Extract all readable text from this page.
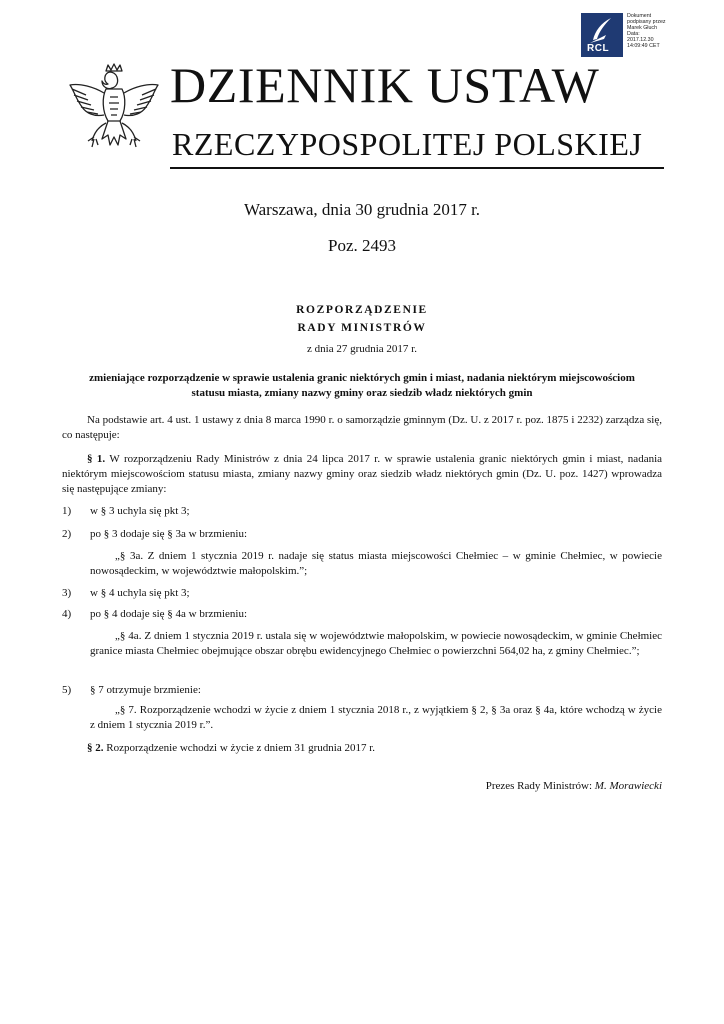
RCL
Dokument
podpisany przez
Marek Głuch
Data:
2017.12.30
14:09:49 CET
DZIENNIK USTAW
RZECZYPOSPOLITEJ POLSKIEJ
Warszawa, dnia 30 grudnia 2017 r.
Poz. 2493
ROZPORZĄDZENIE
RADY MINISTRÓW
z dnia 27 grudnia 2017 r.
zmieniające rozporządzenie w sprawie ustalenia granic niektórych gmin i miast, nadania niektórym miejscowościom statusu miasta, zmiany nazwy gminy oraz siedzib władz niektórych gmin
Na podstawie art. 4 ust. 1 ustawy z dnia 8 marca 1990 r. o samorządzie gminnym (Dz. U. z 2017 r. poz. 1875 i 2232) zarządza się, co następuje:
§ 1. W rozporządzeniu Rady Ministrów z dnia 24 lipca 2017 r. w sprawie ustalenia granic niektórych gmin i miast, nadania niektórym miejscowościom statusu miasta, zmiany nazwy gminy oraz siedzib władz niektórych gmin (Dz. U. poz. 1427) wprowadza się następujące zmiany:
1)	w § 3 uchyla się pkt 3;
2)	po § 3 dodaje się § 3a w brzmieniu:
„§ 3a. Z dniem 1 stycznia 2019 r. nadaje się status miasta miejscowości Chełmiec – w gminie Chełmiec, w powiecie nowosądeckim, w województwie małopolskim.”;
3)	w § 4 uchyla się pkt 3;
4)	po § 4 dodaje się § 4a w brzmieniu:
„§ 4a. Z dniem 1 stycznia 2019 r. ustala się w województwie małopolskim, w powiecie nowosądeckim, w gminie Chełmiec granice miasta Chełmiec obejmujące obszar obrębu ewidencyjnego Chełmiec o powierzchni 564,02 ha, z gminy Chełmiec.”;
5)	§ 7 otrzymuje brzmienie:
„§ 7. Rozporządzenie wchodzi w życie z dniem 1 stycznia 2018 r., z wyjątkiem § 2, § 3a oraz § 4a, które wchodzą w życie z dniem 1 stycznia 2019 r.”.
§ 2. Rozporządzenie wchodzi w życie z dniem 31 grudnia 2017 r.
Prezes Rady Ministrów: M. Morawiecki
